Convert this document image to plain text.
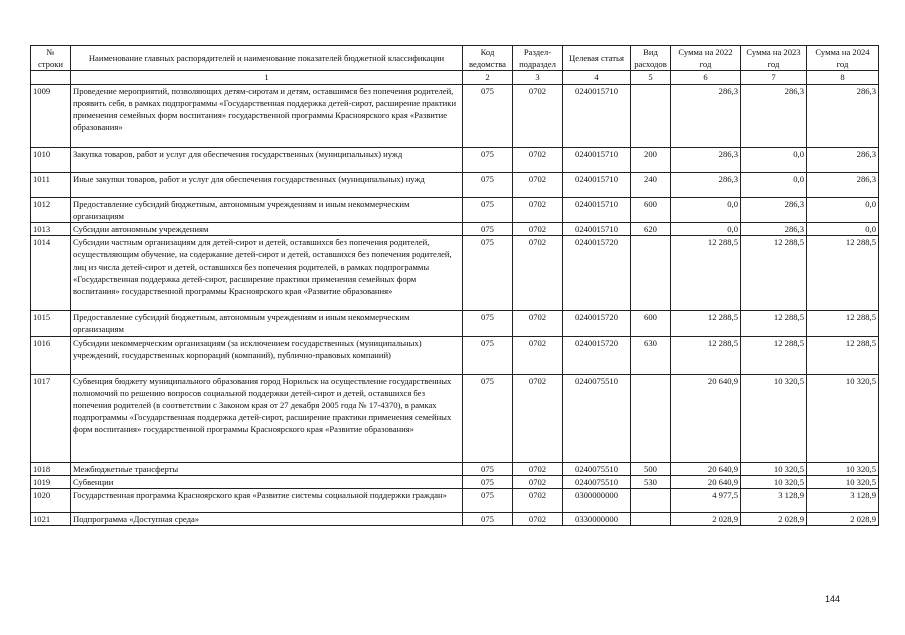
№ строки	Наименование главных распорядителей и наименование показателей бюджетной классификации	Код ведомства	Раздел-подраздел	Целевая статья	Вид расходов	Сумма на 2022 год	Сумма на 2023 год	Сумма на 2024 год
	1	2	3	4	5	6	7	8
1009	Проведение мероприятий, позволяющих детям-сиротам и детям, оставшимся без попечения родителей, проявить себя, в рамках подпрограммы «Государственная поддержка детей-сирот, расширение практики применения семейных форм воспитания» государственной программы Красноярского края «Развитие образования»	075	0702	0240015710		286,3	286,3	286,3
1010	Закупка товаров, работ и услуг для обеспечения государственных (муниципальных) нужд	075	0702	0240015710	200	286,3	0,0	286,3
1011	Иные закупки товаров, работ и услуг для обеспечения государственных (муниципальных) нужд	075	0702	0240015710	240	286,3	0,0	286,3
1012	Предоставление субсидий бюджетным, автономным учреждениям и иным некоммерческим организациям	075	0702	0240015710	600	0,0	286,3	0,0
1013	Субсидии автономным учреждениям	075	0702	0240015710	620	0,0	286,3	0,0
1014	Субсидии частным организациям для детей-сирот и детей, оставшихся без попечения родителей, осуществляющим обучение, на содержание детей-сирот и детей, оставшихся без попечения родителей, лиц из числа детей-сирот и детей, оставшихся без попечения родителей, в рамках подпрограммы «Государственная поддержка детей-сирот, расширение практики применения семейных форм воспитания» государственной программы Красноярского края «Развитие образования»	075	0702	0240015720		12 288,5	12 288,5	12 288,5
1015	Предоставление субсидий бюджетным, автономным учреждениям и иным некоммерческим организациям	075	0702	0240015720	600	12 288,5	12 288,5	12 288,5
1016	Субсидии некоммерческим организациям (за исключением государственных (муниципальных) учреждений, государственных корпораций (компаний), публично-правовых компаний)	075	0702	0240015720	630	12 288,5	12 288,5	12 288,5
1017	Субвенция бюджету муниципального образования город Норильск на осуществление государственных полномочий по решению вопросов социальной поддержки детей-сирот и детей, оставшихся без попечения родителей (в соответствии с Законом края от 27 декабря 2005 года № 17-4370), в рамках подпрограммы «Государственная поддержка детей-сирот, расширение практики применения семейных форм воспитания» государственной программы Красноярского края «Развитие образования»	075	0702	0240075510		20 640,9	10 320,5	10 320,5
1018	Межбюджетные трансферты	075	0702	0240075510	500	20 640,9	10 320,5	10 320,5
1019	Субвенции	075	0702	0240075510	530	20 640,9	10 320,5	10 320,5
1020	Государственная программа Красноярского края «Развитие системы социальной поддержки граждан»	075	0702	0300000000		4 977,5	3 128,9	3 128,9
1021	Подпрограмма «Доступная среда»	075	0702	0330000000		2 028,9	2 028,9	2 028,9
144
